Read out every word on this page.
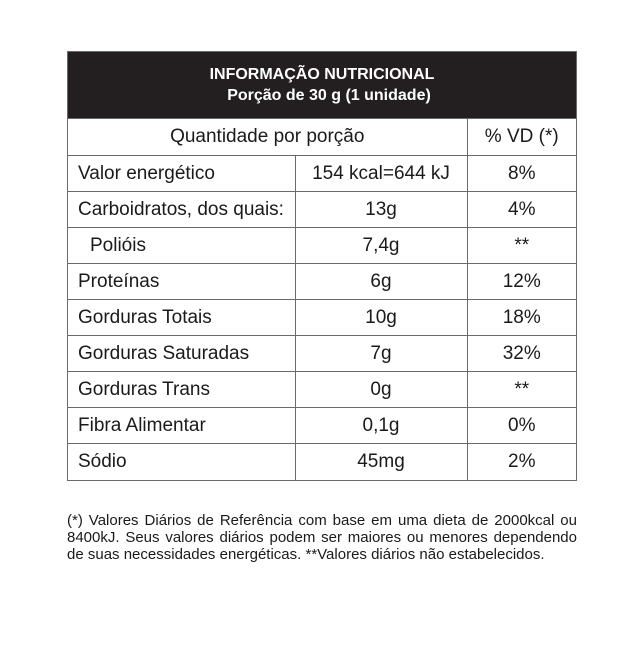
INFORMAÇÃO NUTRICIONAL
Porção de 30 g (1 unidade)
Quantidade por porção		% VD (*)
Valor energético	154 kcal=644 kJ	8%
Carboidratos, dos quais:	13g	4%
Polióis	7,4g	**
Proteínas	6g	12%
Gorduras Totais	10g	18%
Gorduras Saturadas	7g	32%
Gorduras Trans	0g	**
Fibra Alimentar	0,1g	0%
Sódio	45mg	2%
(*) Valores Diários de Referência com base em uma dieta de 2000kcal ou 8400kJ. Seus valores diários podem ser maiores ou menores dependendo de suas necessidades energéticas. **Valores diários não estabelecidos.
